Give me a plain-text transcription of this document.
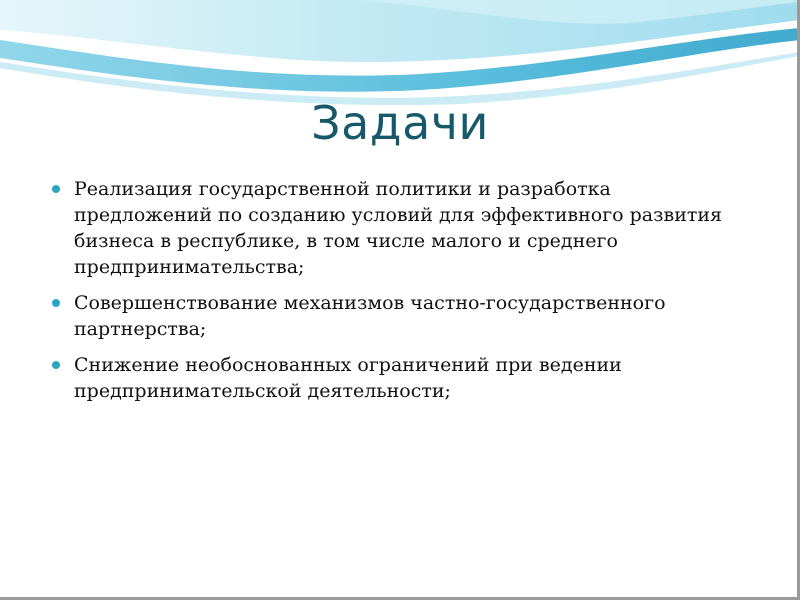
Задачи
Реализация государственной политики и разработка предложений по созданию условий для эффективного развития бизнеса в республике, в том числе малого и среднего предпринимательства;
Совершенствование механизмов частно-государственного партнерства;
Снижение необоснованных ограничений при ведении предпринимательской деятельности;
